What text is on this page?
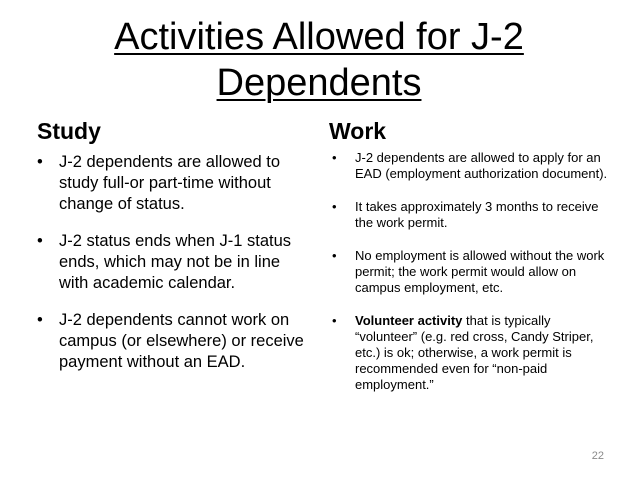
Activities Allowed for J-2
Dependents
Study
• J-2 dependents are allowed to study full-or part-time without change of status.
• J-2 status ends when J-1 status ends, which may not be in line with academic calendar.
• J-2 dependents cannot work on campus (or elsewhere) or receive payment without an EAD.
Work
• J-2 dependents are allowed to apply for an EAD (employment authorization document).
• It takes approximately 3 months to receive the work permit.
• No employment is allowed without the work permit; the work permit would allow on campus employment, etc.
• Volunteer activity that is typically “volunteer” (e.g. red cross, Candy Striper, etc.) is ok; otherwise, a work permit is recommended even for “non-paid employment.”
22
